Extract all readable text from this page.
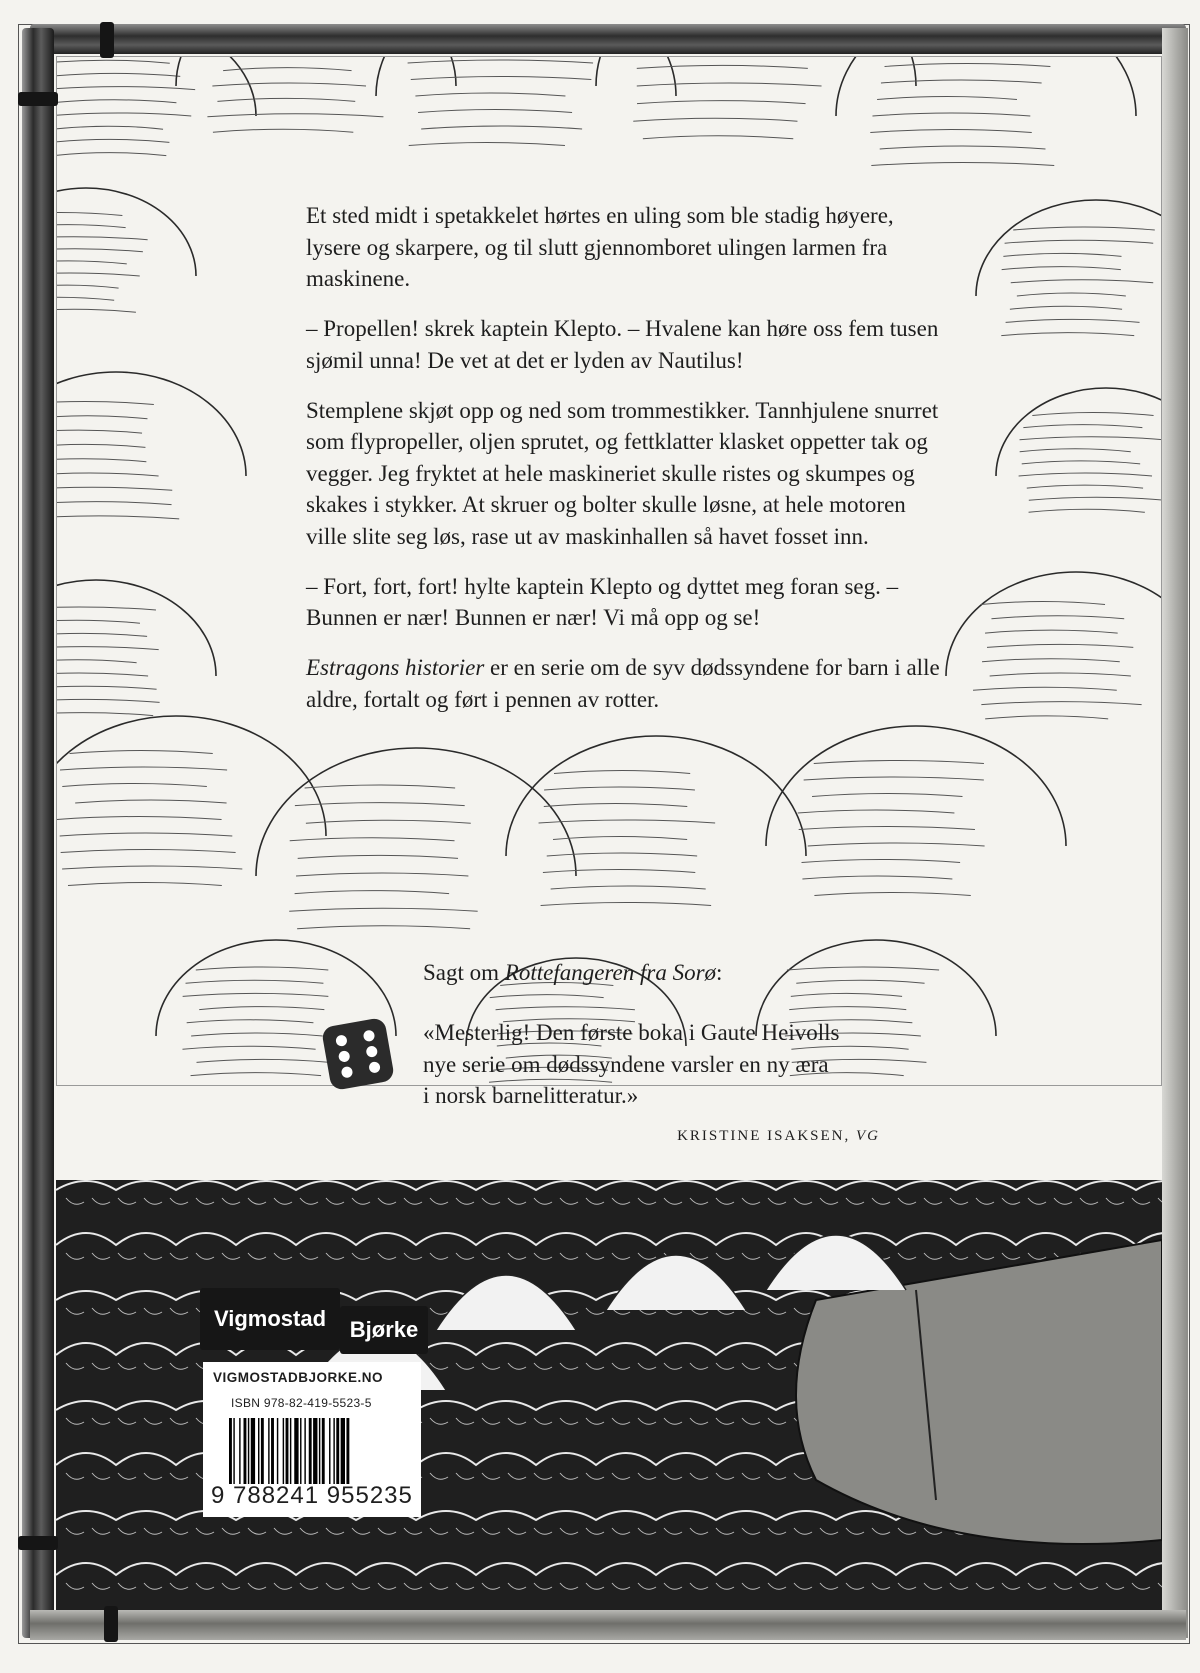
Et sted midt i spetakkelet hørtes en uling som ble stadig høyere, lysere og skarpere, og til slutt gjennomboret ulingen larmen fra maskinene.

– Propellen! skrek kaptein Klepto. – Hvalene kan høre oss fem tusen sjømil unna! De vet at det er lyden av Nautilus!

Stemplene skjøt opp og ned som trommestikker. Tannhjulene snurret som flypropeller, oljen sprutet, og fettklatter klasket oppetter tak og vegger. Jeg fryktet at hele maskineriet skulle ristes og skumpes og skakes i stykker. At skruer og bolter skulle løsne, at hele motoren ville slite seg løs, rase ut av maskinhallen så havet fosset inn.

– Fort, fort, fort! hylte kaptein Klepto og dyttet meg foran seg. – Bunnen er nær! Bunnen er nær! Vi må opp og se!

Estragons historier er en serie om de syv dødssyndene for barn i alle aldre, fortalt og ført i pennen av rotter.

Sagt om Rottefangeren fra Sorø:
«Mesterlig! Den første boka i Gaute Heivolls
nye serie om dødssyndene varsler en ny æra
i norsk barnelitteratur.»
KRISTINE ISAKSEN, VG
Vigmostad	Bjørke
VIGMOSTADBJORKE.NO
ISBN 978-82-419-5523-5
9 788241 955235
